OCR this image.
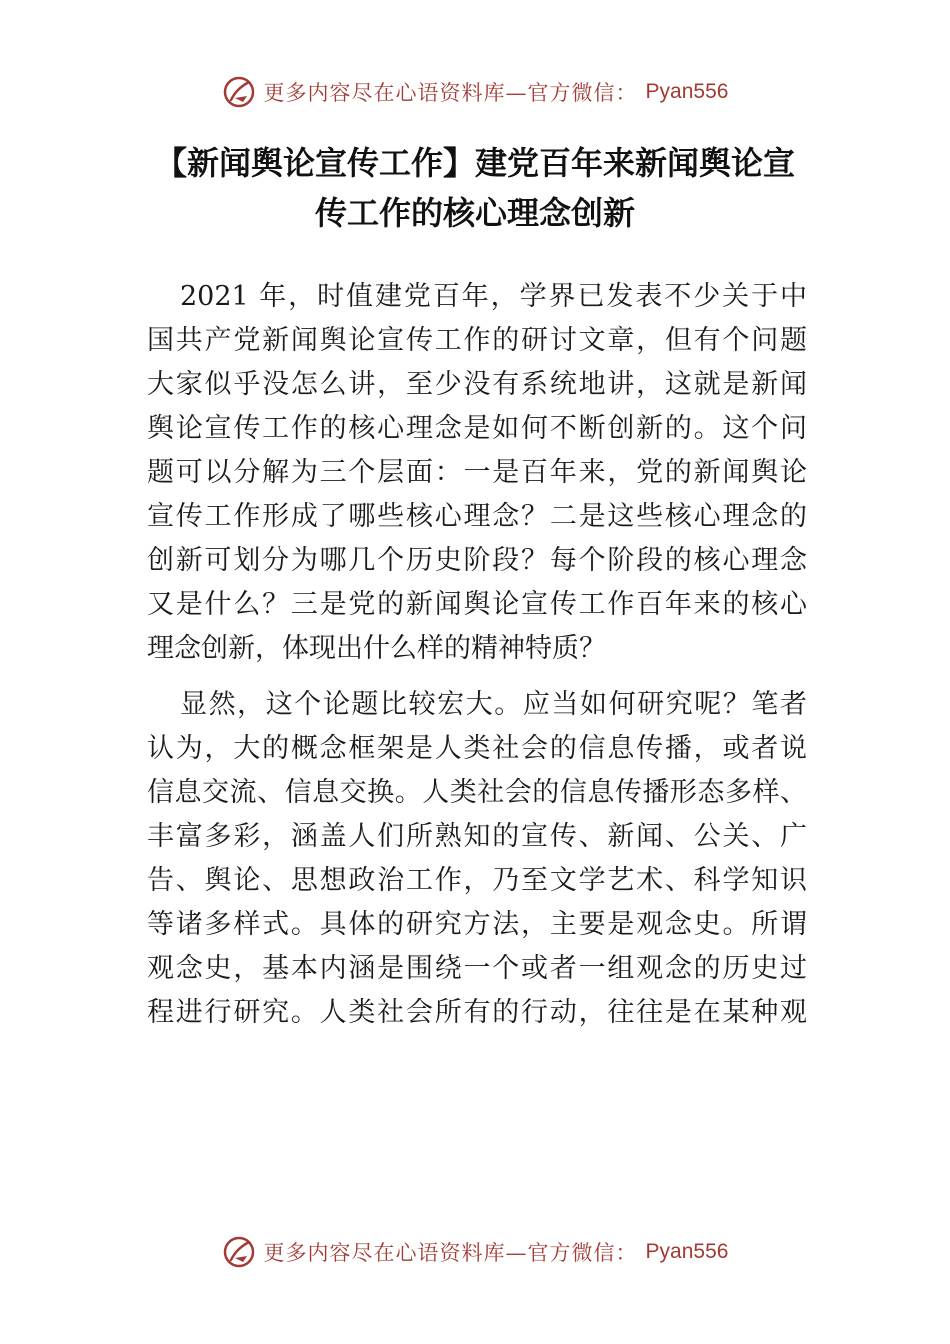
更多内容尽在心语资料库—官方微信： Pyan556
【新闻舆论宣传工作】建党百年来新闻舆论宣
传工作的核心理念创新
2021 年，时值建党百年，学界已发表不少关于中
国共产党新闻舆论宣传工作的研讨文章，但有个问题
大家似乎没怎么讲，至少没有系统地讲，这就是新闻
舆论宣传工作的核心理念是如何不断创新的。这个问
题可以分解为三个层面：一是百年来，党的新闻舆论
宣传工作形成了哪些核心理念？二是这些核心理念的
创新可划分为哪几个历史阶段？每个阶段的核心理念
又是什么？三是党的新闻舆论宣传工作百年来的核心
理念创新，体现出什么样的精神特质？
显然，这个论题比较宏大。应当如何研究呢？笔者
认为，大的概念框架是人类社会的信息传播，或者说
信息交流、信息交换。人类社会的信息传播形态多样、
丰富多彩，涵盖人们所熟知的宣传、新闻、公关、广
告、舆论、思想政治工作，乃至文学艺术、科学知识
等诸多样式。具体的研究方法，主要是观念史。所谓
观念史，基本内涵是围绕一个或者一组观念的历史过
程进行研究。人类社会所有的行动，往往是在某种观
更多内容尽在心语资料库—官方微信： Pyan556
